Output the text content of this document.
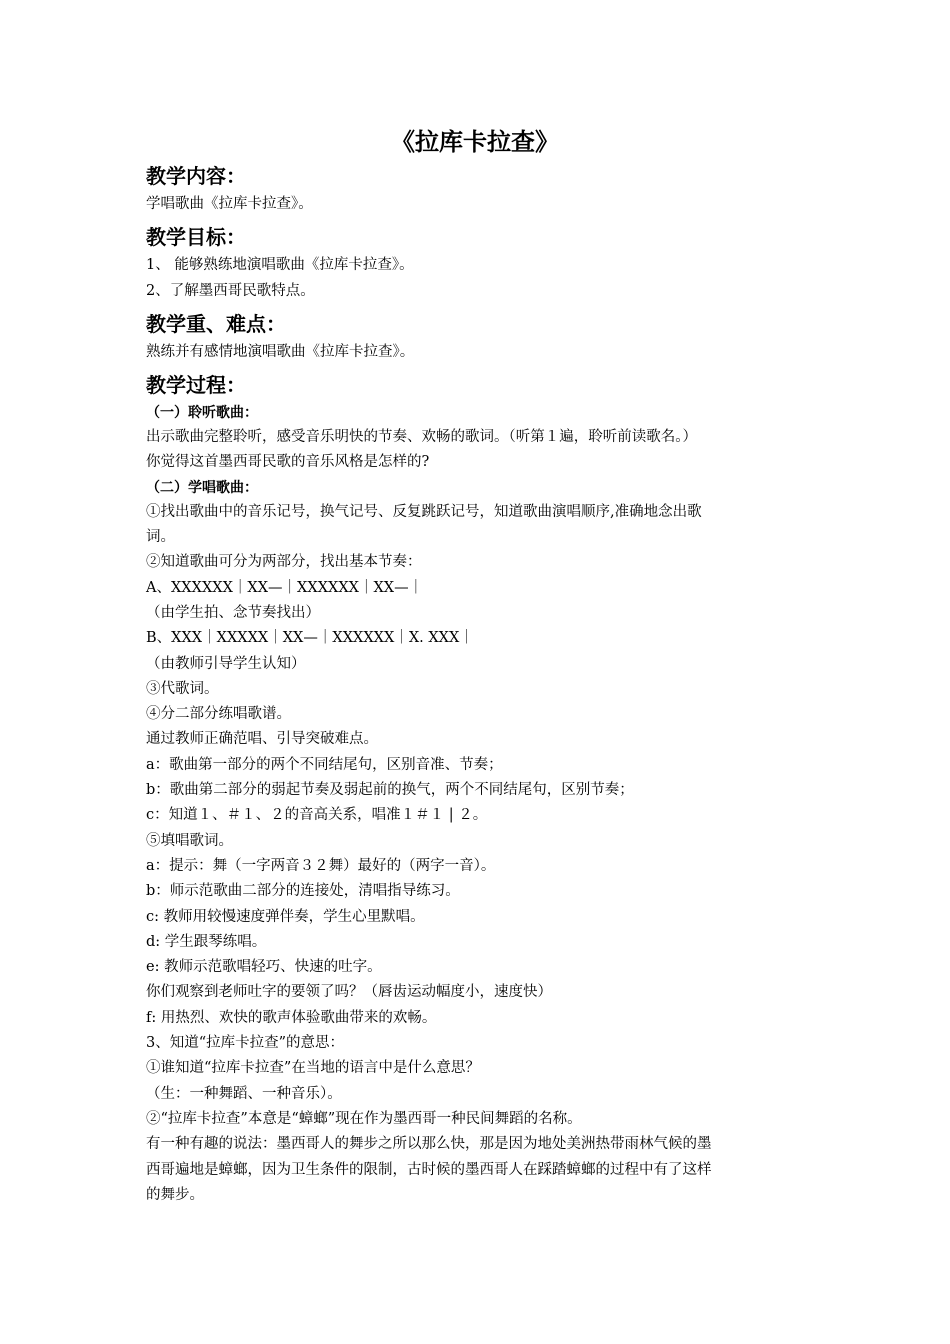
《拉库卡拉查》
教学内容：
学唱歌曲《拉库卡拉查》。
教学目标：
1、 能够熟练地演唱歌曲《拉库卡拉查》。
2、了解墨西哥民歌特点。
教学重、难点：
熟练并有感情地演唱歌曲《拉库卡拉查》。
教学过程：
（一）聆听歌曲：
出示歌曲完整聆听，感受音乐明快的节奏、欢畅的歌词。（听第１遍，聆听前读歌名。）
你觉得这首墨西哥民歌的音乐风格是怎样的?
（二）学唱歌曲：
①找出歌曲中的音乐记号，换气记号、反复跳跃记号，知道歌曲演唱顺序,准确地念出歌
词。
②知道歌曲可分为两部分，找出基本节奏：
A、XXXXXX｜XX—｜XXXXXX｜XX—｜
（由学生拍、念节奏找出）
B、XXX｜XXXXX｜XX—｜XXXXXX｜X. XXX｜
（由教师引导学生认知）
③代歌词。
④分二部分练唱歌谱。
通过教师正确范唱、引导突破难点。
a：歌曲第一部分的两个不同结尾句，区别音准、节奏；
b：歌曲第二部分的弱起节奏及弱起前的换气，两个不同结尾句，区别节奏；
c：知道１、＃１、２的音高关系，唱准１＃１ | ２。
⑤填唱歌词。
a：提示：舞（一字两音３２舞）最好的（两字一音）。
b：师示范歌曲二部分的连接处，清唱指导练习。
c: 教师用较慢速度弹伴奏，学生心里默唱。
d: 学生跟琴练唱。
e: 教师示范歌唱轻巧、快速的吐字。
你们观察到老师吐字的要领了吗？（唇齿运动幅度小，速度快）
f: 用热烈、欢快的歌声体验歌曲带来的欢畅。
3、知道“拉库卡拉查”的意思：
①谁知道“拉库卡拉查”在当地的语言中是什么意思？
（生：一种舞蹈、一种音乐）。
②“拉库卡拉查”本意是“蟑螂”现在作为墨西哥一种民间舞蹈的名称。
有一种有趣的说法：墨西哥人的舞步之所以那么快，那是因为地处美洲热带雨林气候的墨
西哥遍地是蟑螂，因为卫生条件的限制，古时候的墨西哥人在踩踏蟑螂的过程中有了这样
的舞步。
